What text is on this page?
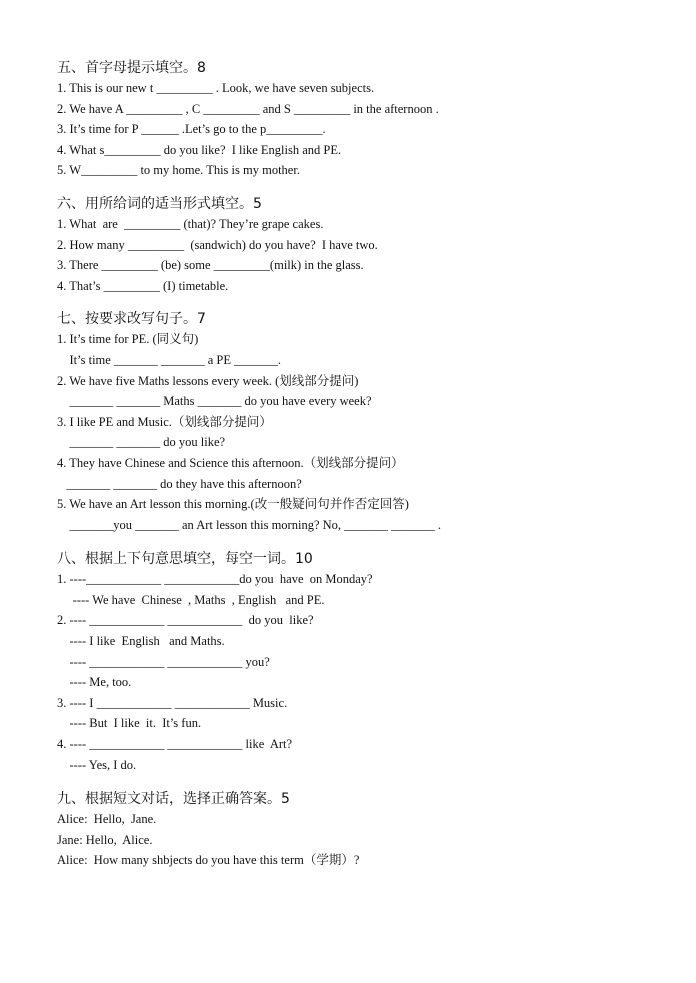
五、首字母提示填空。8
1. This is our new t _________ . Look, we have seven subjects.
2. We have A _________ , C _________ and S _________ in the afternoon .
3. It’s time for P ______ .Let’s go to the p_________.
4. What s_________ do you like?  I like English and PE.
5. W_________ to my home. This is my mother.
六、用所给词的适当形式填空。5
1. What  are  _________ (that)? They’re grape cakes.
2. How many _________  (sandwich) do you have?  I have two.
3. There _________ (be) some _________(milk) in the glass.
4. That’s _________ (I) timetable.
七、按要求改写句子。7
1. It’s time for PE. (同义句)
It’s time _______ _______ a PE _______.
2. We have five Maths lessons every week. (划线部分提问)
_______ _______ Maths _______ do you have every week?
3. I like PE and Music.（划线部分提问）
_______ _______ do you like?
4. They have Chinese and Science this afternoon.（划线部分提问）
_______ _______ do they have this afternoon?
5. We have an Art lesson this morning.(改一般疑问句并作否定回答)
_______you _______ an Art lesson this morning? No, _______ _______ .
八、根据上下句意思填空，每空一词。10
1. ----____________ ____________do you  have  on Monday?
---- We have  Chinese  , Maths  , English   and PE.
2. ---- ____________ ____________  do you  like?
---- I like  English   and Maths.
---- ____________ ____________ you?
---- Me, too.
3. ---- I ____________ ____________ Music.
---- But  I like  it.  It’s fun.
4. ---- ____________ ____________ like  Art?
---- Yes, I do.
九、根据短文对话，选择正确答案。5
Alice:  Hello,  Jane.
Jane: Hello,  Alice.
Alice:  How many shbjects do you have this term（学期）?
